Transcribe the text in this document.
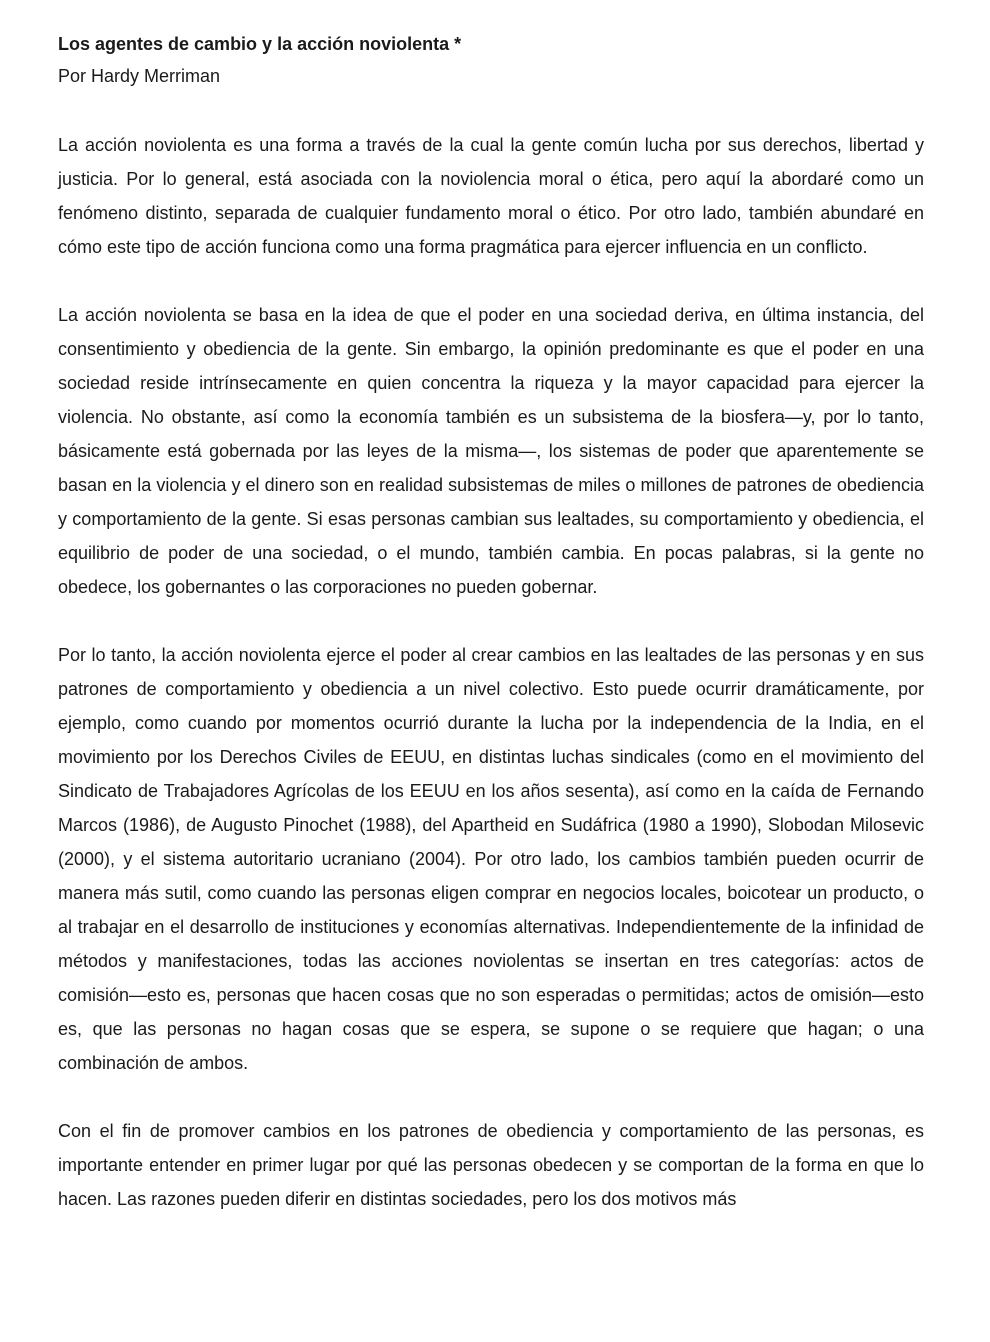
Los agentes de cambio y la acción noviolenta *

Por Hardy Merriman

La acción noviolenta es una forma a través de la cual la gente común lucha por sus derechos, libertad y justicia. Por lo general, está asociada con la noviolencia moral o ética, pero aquí la abordaré como un fenómeno distinto, separada de cualquier fundamento moral o ético. Por otro lado, también abundaré en cómo este tipo de acción funciona como una forma pragmática para ejercer influencia en un conflicto.

La acción noviolenta se basa en la idea de que el poder en una sociedad deriva, en última instancia, del consentimiento y obediencia de la gente. Sin embargo, la opinión predominante es que el poder en una sociedad reside intrínsecamente en quien concentra la riqueza y la mayor capacidad para ejercer la violencia. No obstante, así como la economía también es un subsistema de la biosfera—y, por lo tanto, básicamente está gobernada por las leyes de la misma—, los sistemas de poder que aparentemente se basan en la violencia y el dinero son en realidad subsistemas de miles o millones de patrones de obediencia y comportamiento de la gente. Si esas personas cambian sus lealtades, su comportamiento y obediencia, el equilibrio de poder de una sociedad, o el mundo, también cambia. En pocas palabras, si la gente no obedece, los gobernantes o las corporaciones no pueden gobernar.

Por lo tanto, la acción noviolenta ejerce el poder al crear cambios en las lealtades de las personas y en sus patrones de comportamiento y obediencia a un nivel colectivo. Esto puede ocurrir dramáticamente, por ejemplo, como cuando por momentos ocurrió durante la lucha por la independencia de la India, en el movimiento por los Derechos Civiles de EEUU, en distintas luchas sindicales (como en el movimiento del Sindicato de Trabajadores Agrícolas de los EEUU en los años sesenta), así como en la caída de Fernando Marcos (1986), de Augusto Pinochet (1988), del Apartheid en Sudáfrica (1980 a 1990), Slobodan Milosevic (2000), y el sistema autoritario ucraniano (2004). Por otro lado, los cambios también pueden ocurrir de manera más sutil, como cuando las personas eligen comprar en negocios locales, boicotear un producto, o al trabajar en el desarrollo de instituciones y economías alternativas. Independientemente de la infinidad de métodos y manifestaciones, todas las acciones noviolentas se insertan en tres categorías: actos de comisión—esto es, personas que hacen cosas que no son esperadas o permitidas; actos de omisión—esto es, que las personas no hagan cosas que se espera, se supone o se requiere que hagan; o una combinación de ambos.

Con el fin de promover cambios en los patrones de obediencia y comportamiento de las personas, es importante entender en primer lugar por qué las personas obedecen y se comportan de la forma en que lo hacen. Las razones pueden diferir en distintas sociedades, pero los dos motivos más
